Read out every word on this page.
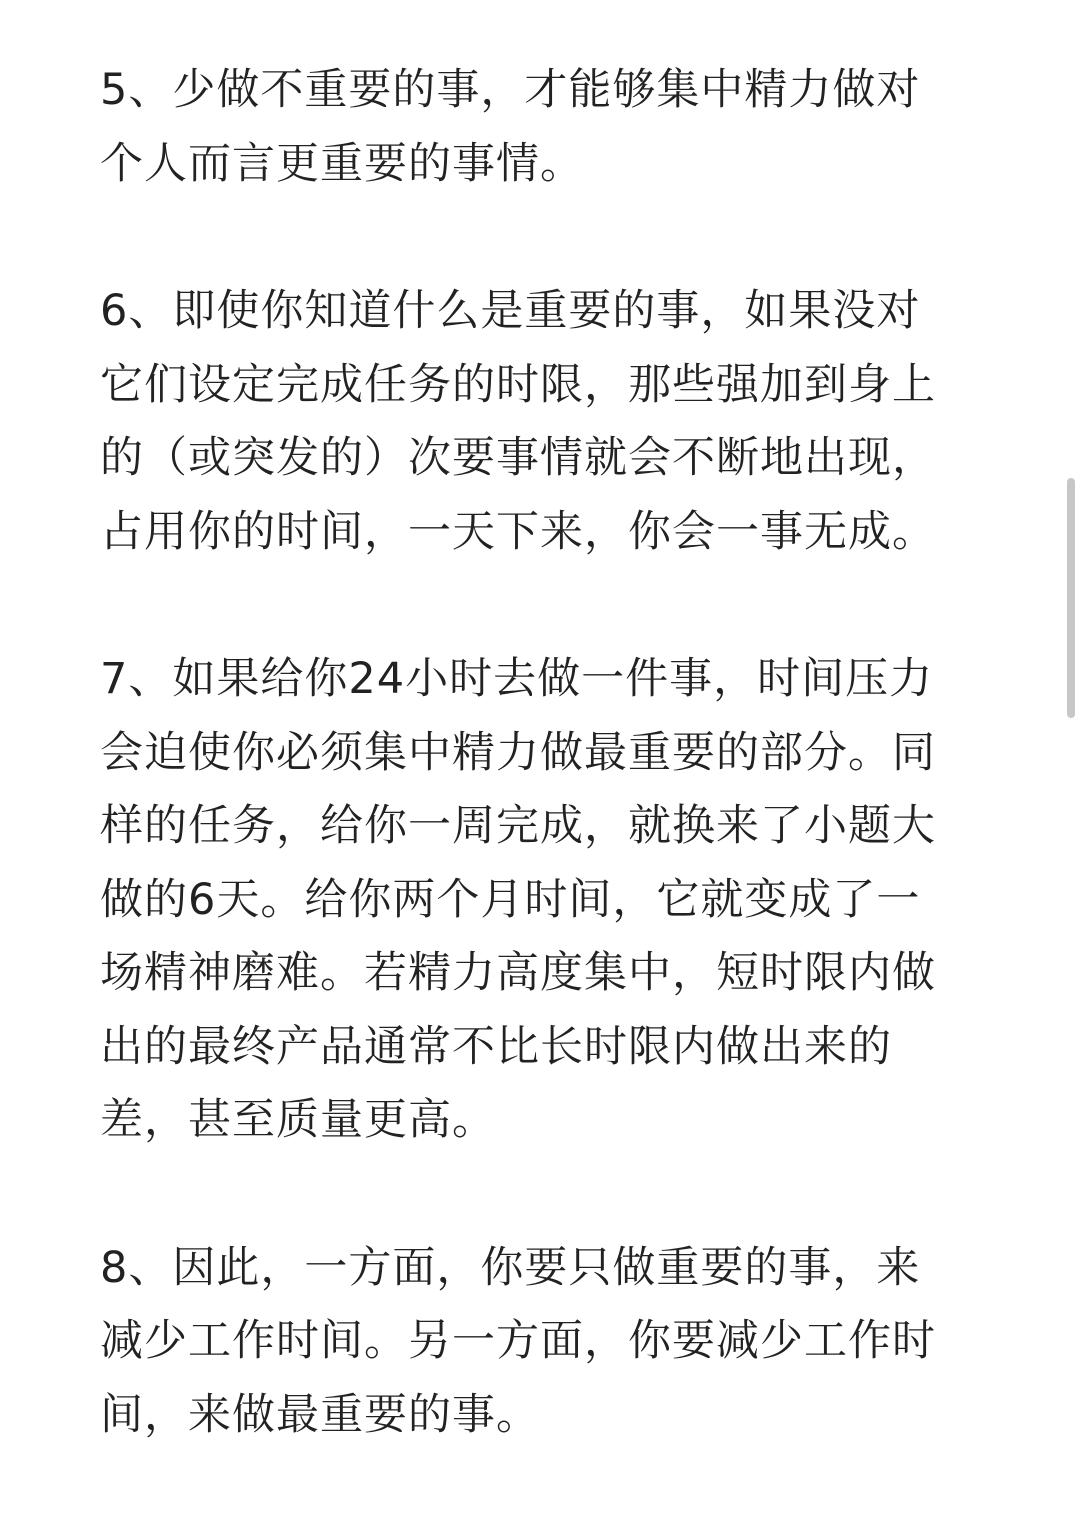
5、少做不重要的事，才能够集中精力做对
个人而言更重要的事情。

6、即使你知道什么是重要的事，如果没对
它们设定完成任务的时限，那些强加到身上
的（或突发的）次要事情就会不断地出现，
占用你的时间，一天下来，你会一事无成。

7、如果给你24小时去做一件事，时间压力
会迫使你必须集中精力做最重要的部分。同
样的任务，给你一周完成，就换来了小题大
做的6天。给你两个月时间，它就变成了一
场精神磨难。若精力高度集中，短时限内做
出的最终产品通常不比长时限内做出来的
差，甚至质量更高。

8、因此，一方面，你要只做重要的事，来
减少工作时间。另一方面，你要减少工作时
间，来做最重要的事。
